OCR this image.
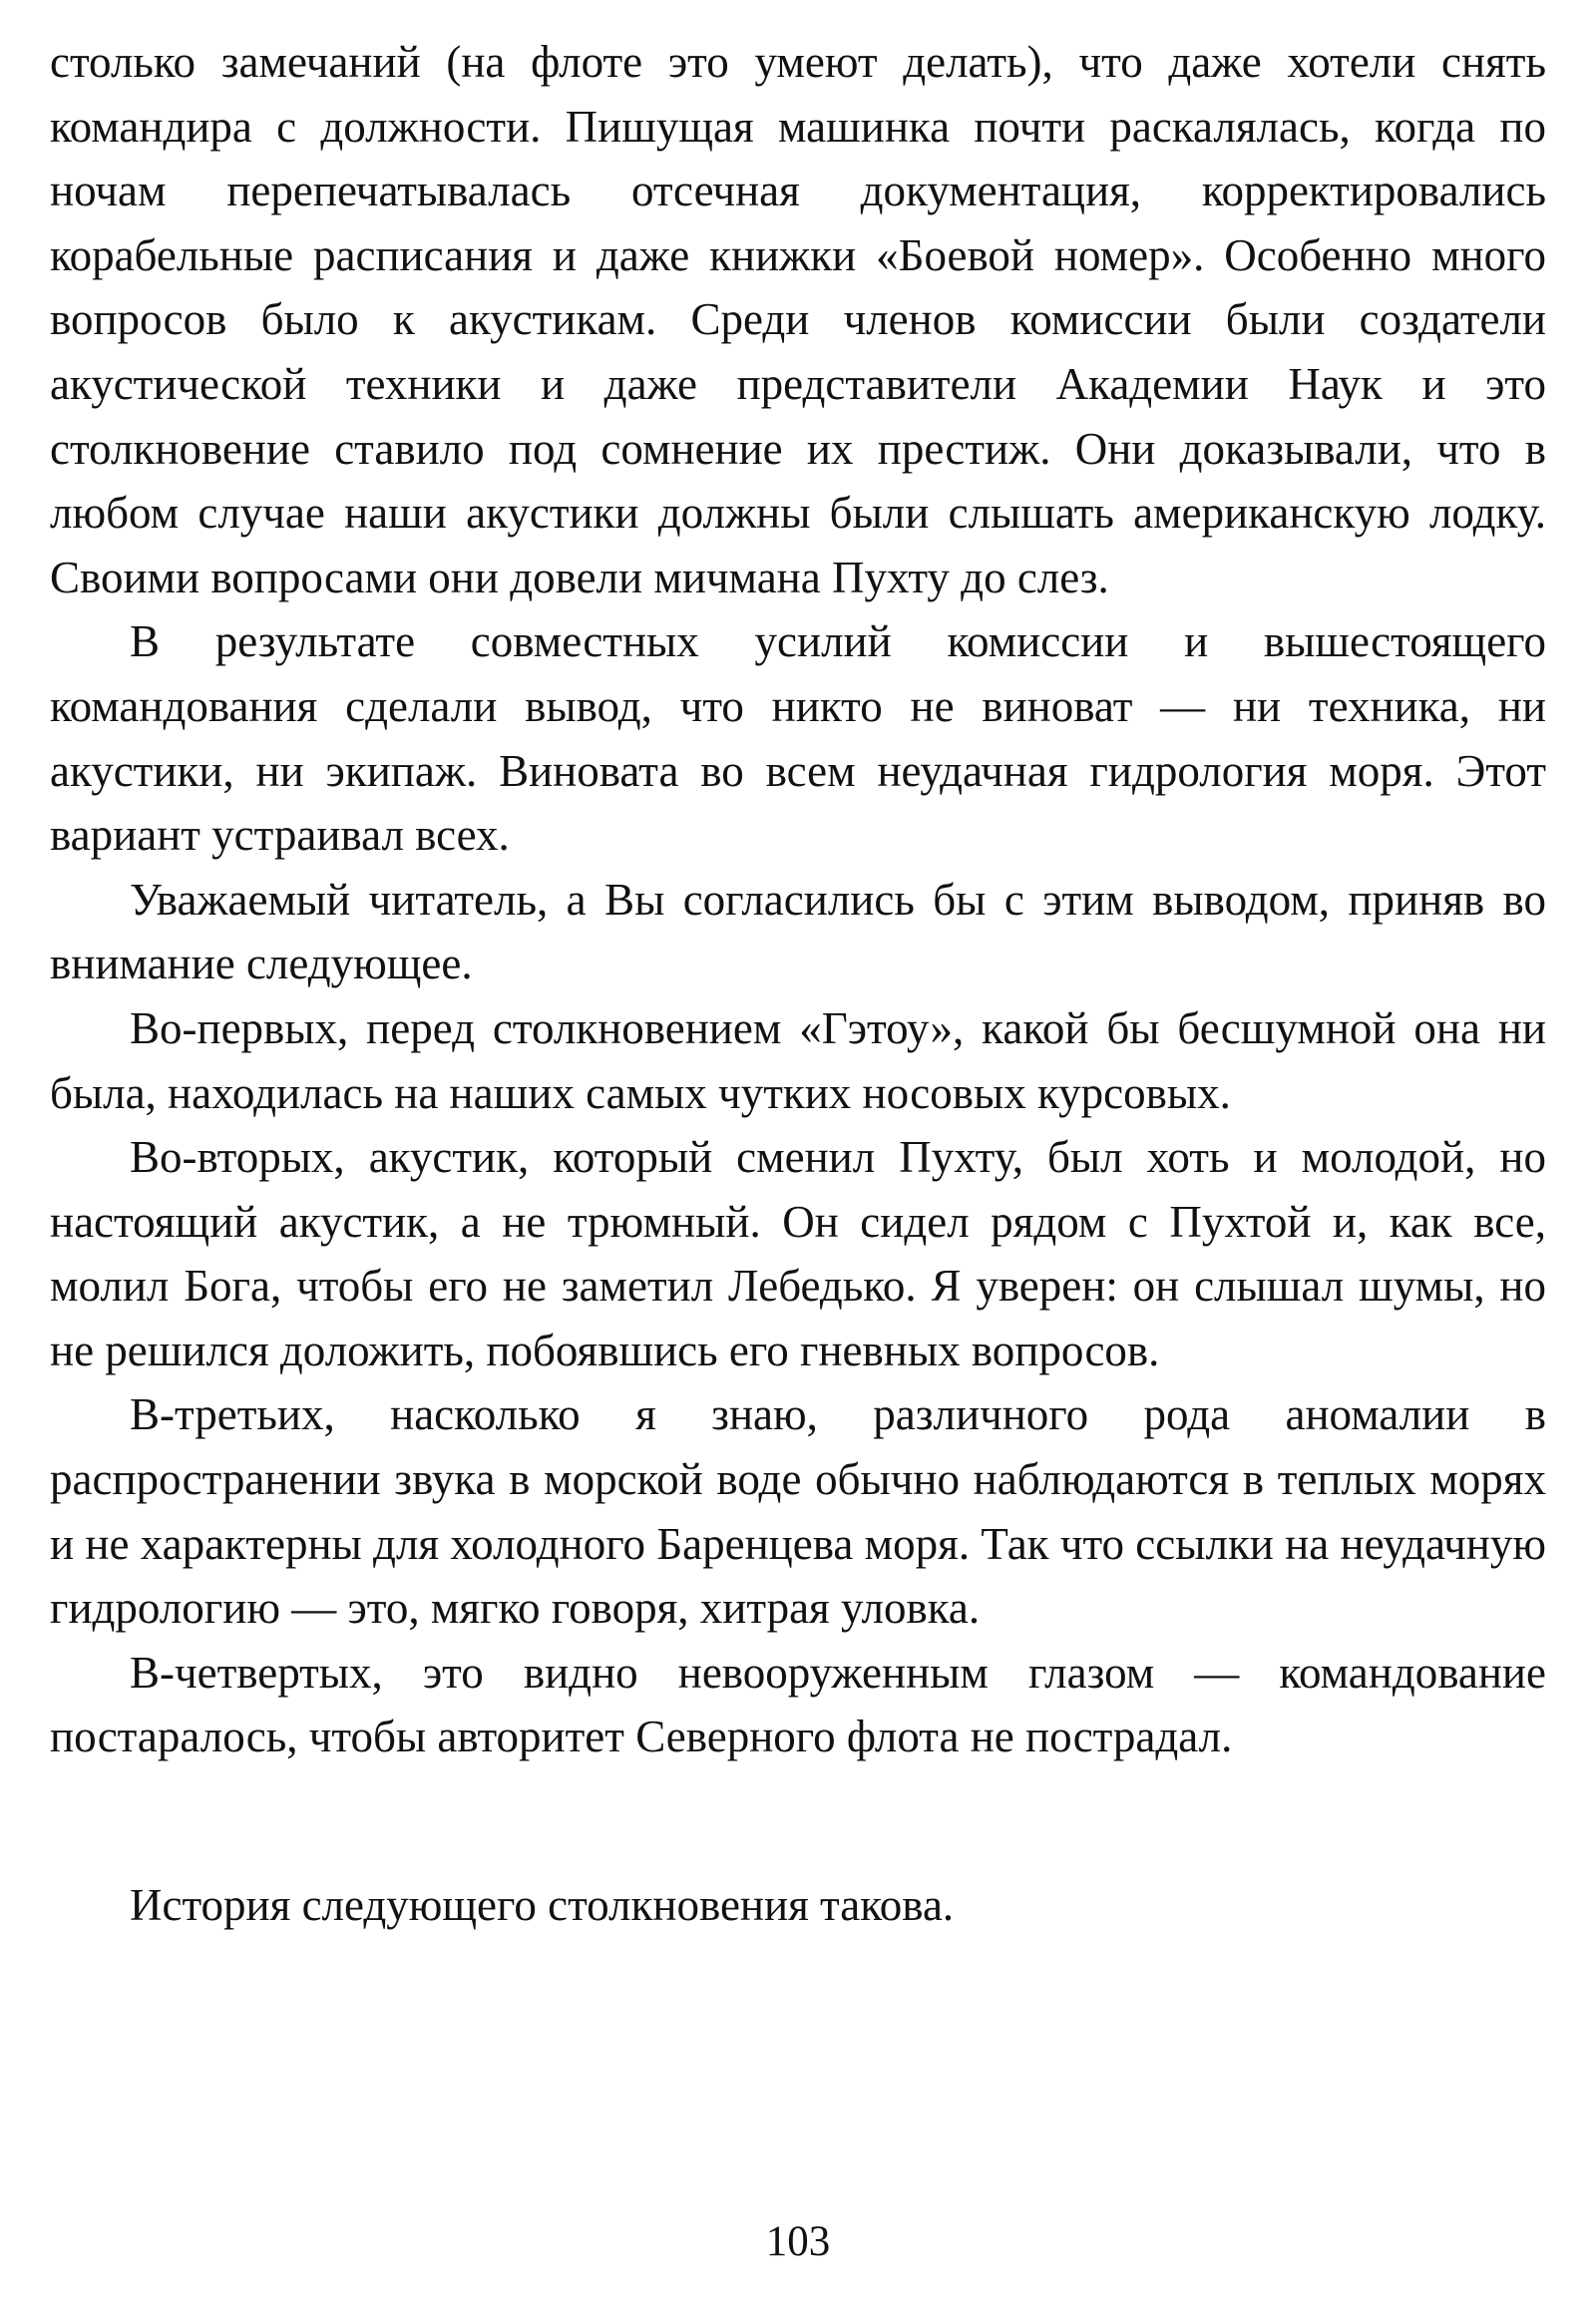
столько замечаний (на флоте это умеют делать), что даже хотели снять командира с должности. Пишущая машинка почти раскалялась, когда по ночам перепечатывалась отсечная документация, корректировались корабельные расписания и даже книжки «Боевой номер». Особенно много вопросов было к акустикам. Среди членов комиссии были создатели акустической техники и даже представители Академии Наук и это столкновение ставило под сомнение их престиж. Они доказывали, что в любом случае наши акустики должны были слышать американскую лодку. Своими вопросами они довели мичмана Пухту до слез.

В результате совместных усилий комиссии и вышестоящего командования сделали вывод, что никто не виноват — ни техника, ни акустики, ни экипаж. Виновата во всем неудачная гидрология моря. Этот вариант устраивал всех.

Уважаемый читатель, а Вы согласились бы с этим выводом, приняв во внимание следующее.

Во-первых, перед столкновением «Гэтоу», какой бы бесшумной она ни была, находилась на наших самых чутких носовых курсовых.

Во-вторых, акустик, который сменил Пухту, был хоть и молодой, но настоящий акустик, а не трюмный. Он сидел рядом с Пухтой и, как все, молил Бога, чтобы его не заметил Лебедько. Я уверен: он слышал шумы, но не решился доложить, побоявшись его гневных вопросов.

В-третьих, насколько я знаю, различного рода аномалии в распространении звука в морской воде обычно наблюдаются в теплых морях и не характерны для холодного Баренцева моря. Так что ссылки на неудачную гидрологию — это, мягко говоря, хитрая уловка.

В-четвертых, это видно невооруженным глазом — командование постаралось, чтобы авторитет Северного флота не пострадал.

История следующего столкновения такова.

103
